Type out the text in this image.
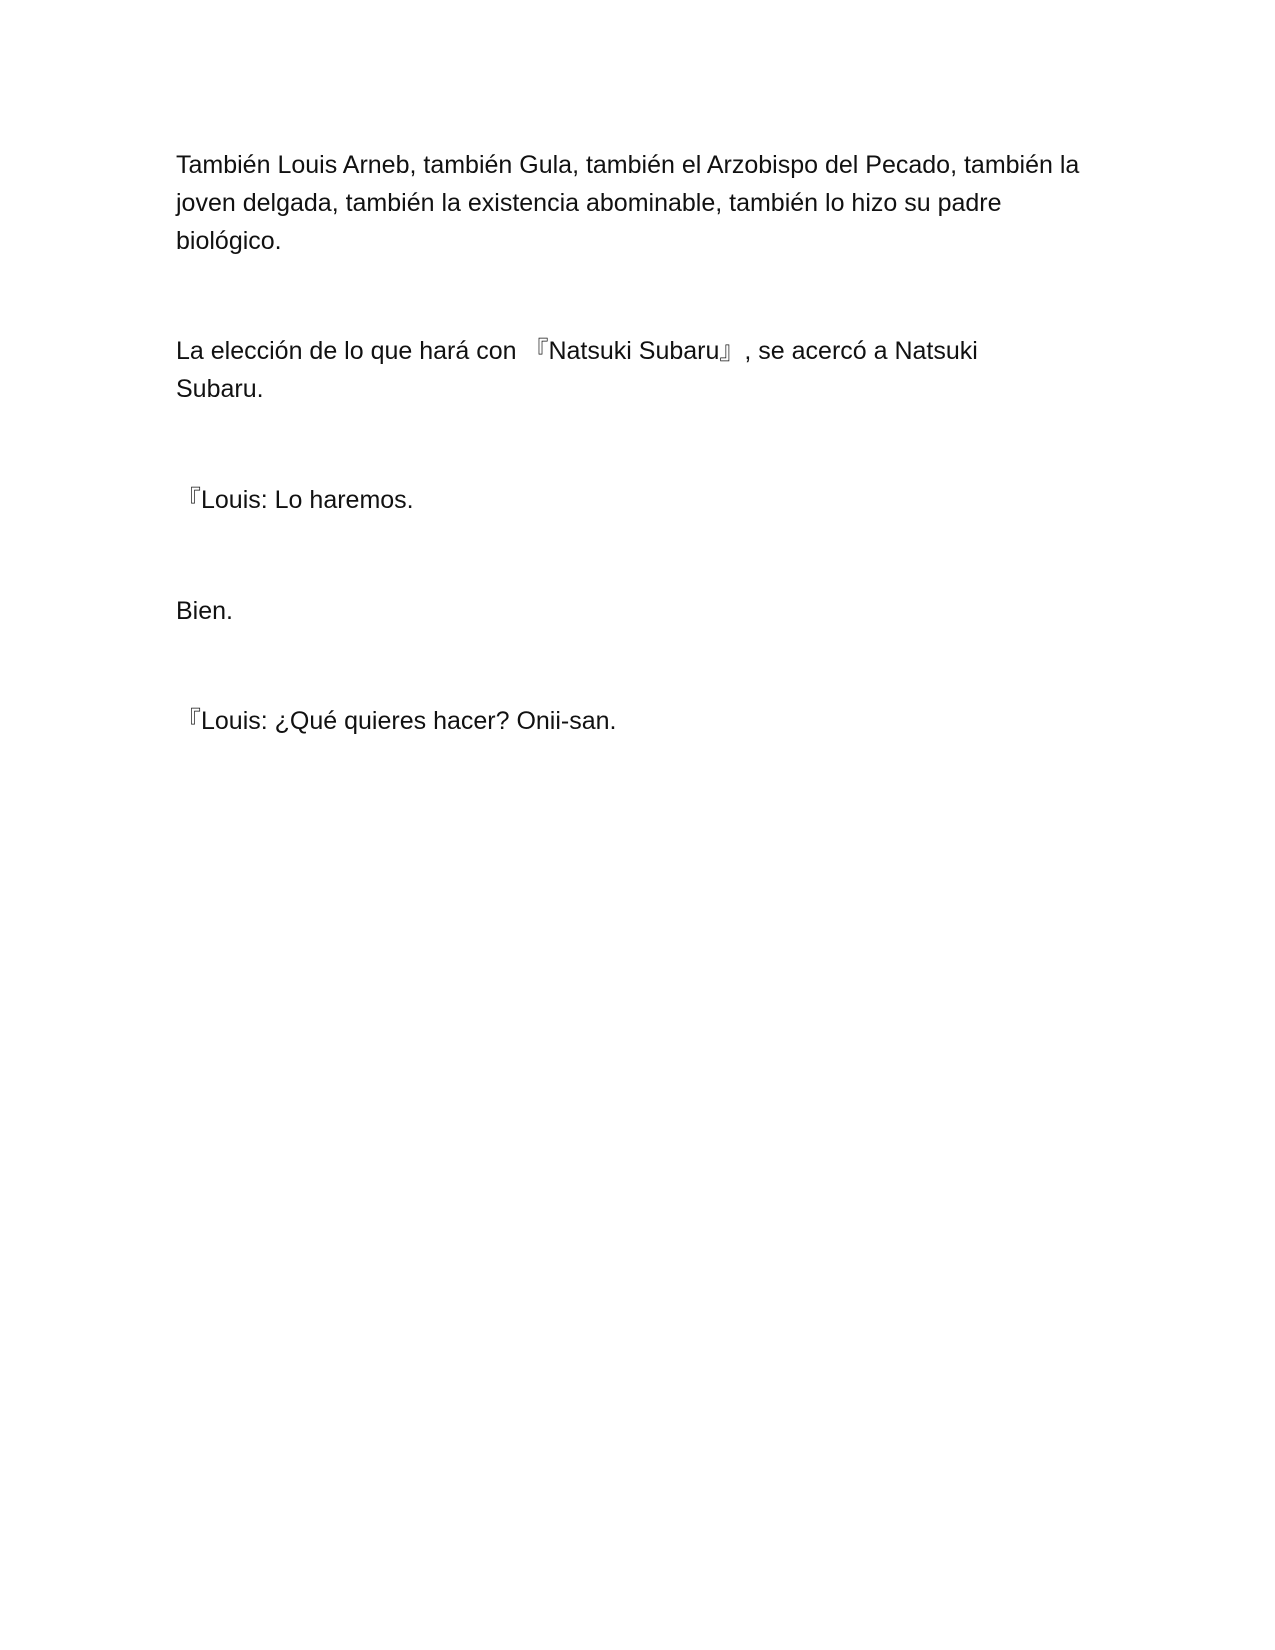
También Louis Arneb, también Gula, también el Arzobispo del Pecado, también la joven delgada, también la existencia abominable, también lo hizo su padre biológico.

La elección de lo que hará con 『Natsuki Subaru』, se acercó a Natsuki Subaru.

『Louis: Lo haremos.

Bien.

『Louis: ¿Qué quieres hacer? Onii-san.
